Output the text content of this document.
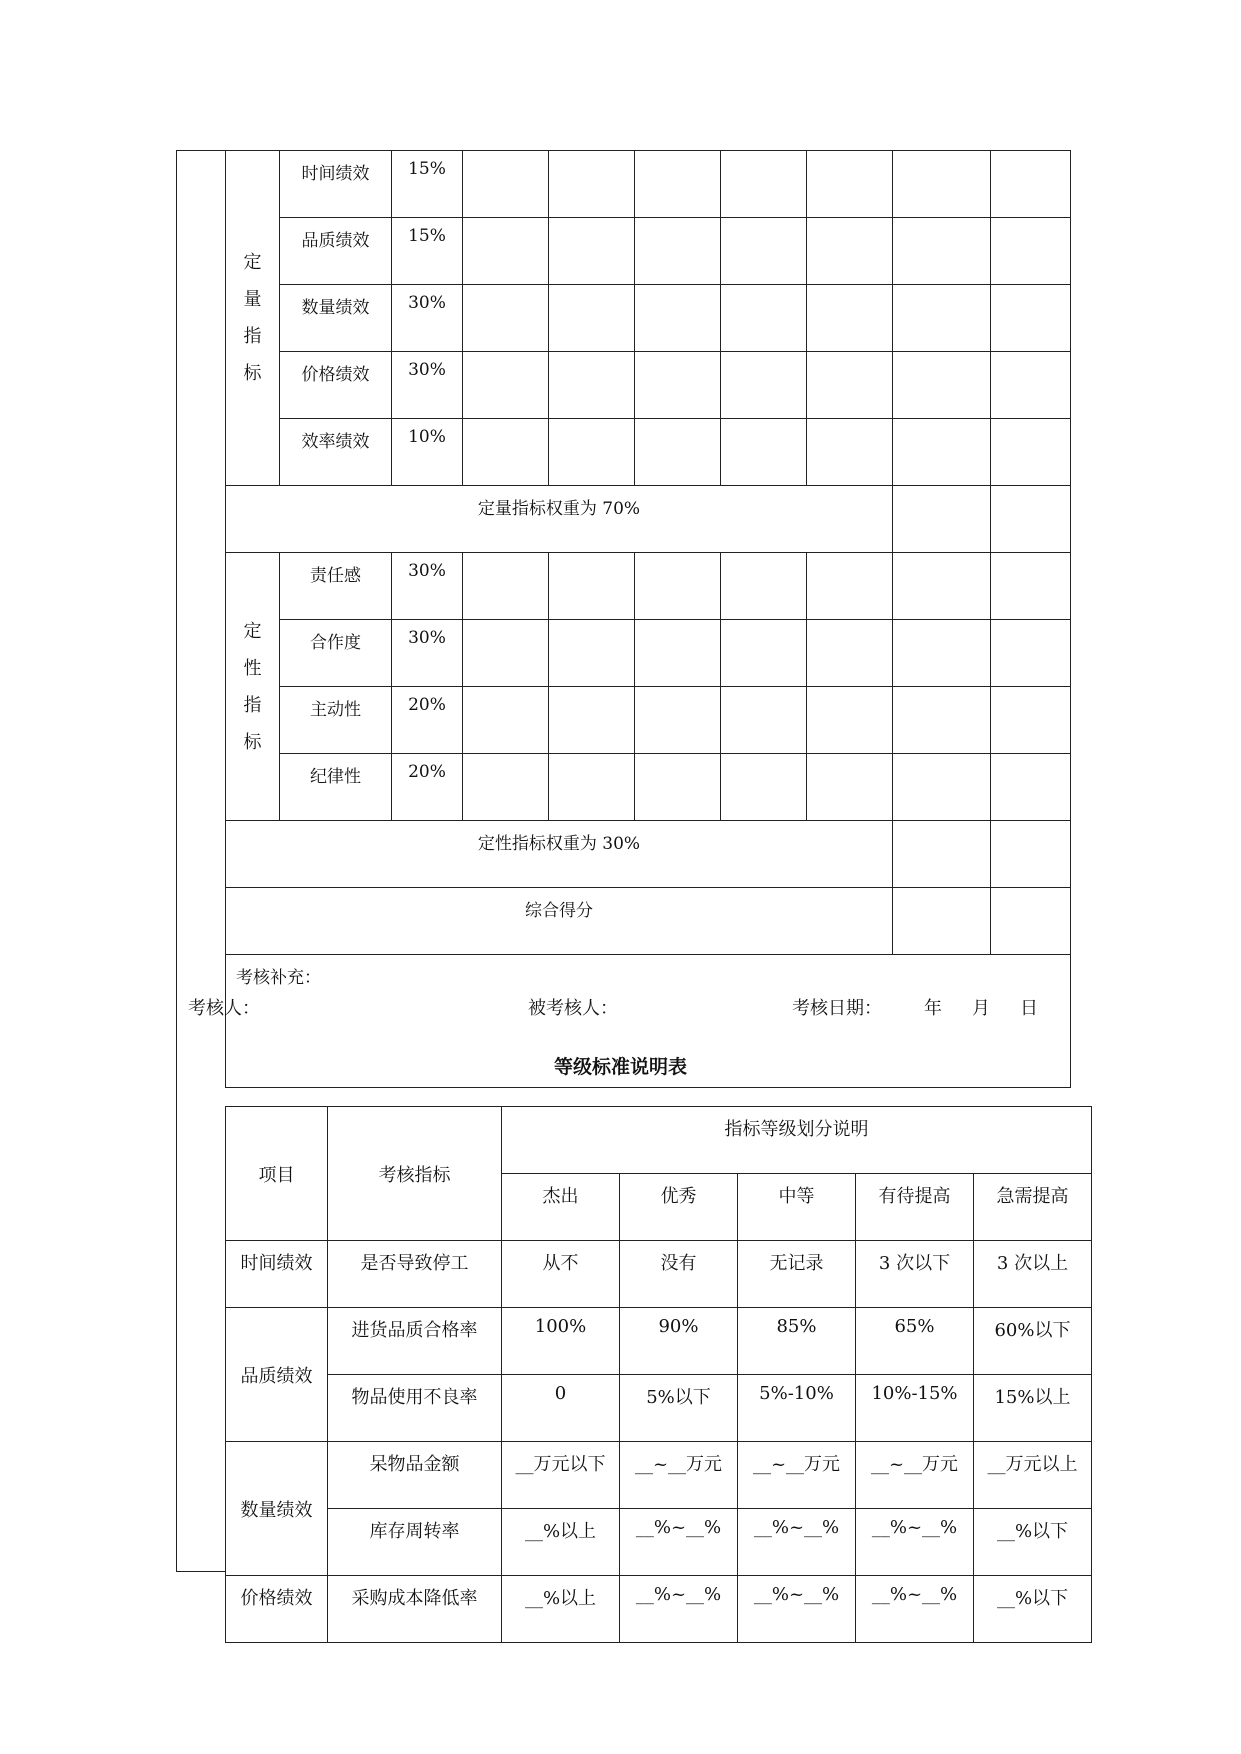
定
量
指
标	时间绩效	15%							
	品质绩效	15%							
	数量绩效	30%							
	价格绩效	30%							
	效率绩效	10%							
定量指标权重为 70%									

定
性
指
标	责任感	30%							
	合作度	30%							
	主动性	20%							
	纪律性	20%							
定性指标权重为 30%									
综合得分									
考核补充：									
考核人：	被考核人：	考核日期： 年 月 日
等级标准说明表
项目	考核指标	指标等级划分说明				
		杰出	优秀	中等	有待提高	急需提高
时间绩效	是否导致停工	从不	没有	无记录	3 次以下	3 次以上
品质绩效	进货品质合格率	100%	90%	85%	65%	60%以下
	物品使用不良率	0	5%以下	5%-10%	10%-15%	15%以上
数量绩效	呆物品金额	__万元以下	__~__万元	__~__万元	__~__万元	__万元以上
	库存周转率	__%以上	__%~__%	__%~__%	__%~__%	__%以下
价格绩效	采购成本降低率	__%以上	__%~__%	__%~__%	__%~__%	__%以下
